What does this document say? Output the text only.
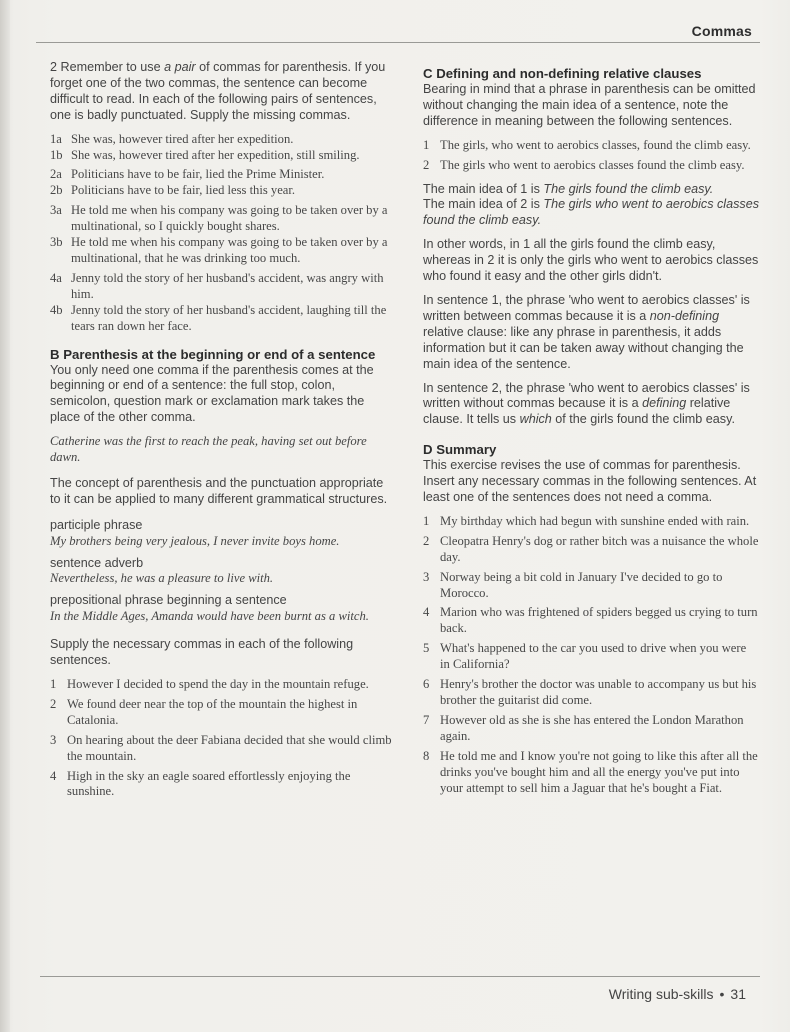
Commas

2 Remember to use a pair of commas for parenthesis. If you forget one of the two commas, the sentence can become difficult to read. In each of the following pairs of sentences, one is badly punctuated. Supply the missing commas.

1a She was, however tired after her expedition.
1b She was, however tired after her expedition, still smiling.
2a Politicians have to be fair, lied the Prime Minister.
2b Politicians have to be fair, lied less this year.
3a He told me when his company was going to be taken over by a multinational, so I quickly bought shares.
3b He told me when his company was going to be taken over by a multinational, that he was drinking too much.
4a Jenny told the story of her husband's accident, was angry with him.
4b Jenny told the story of her husband's accident, laughing till the tears ran down her face.

B Parenthesis at the beginning or end of a sentence

You only need one comma if the parenthesis comes at the beginning or end of a sentence: the full stop, colon, semicolon, question mark or exclamation mark takes the place of the other comma.

Catherine was the first to reach the peak, having set out before dawn.

The concept of parenthesis and the punctuation appropriate to it can be applied to many different grammatical structures.

participle phrase

My brothers being very jealous, I never invite boys home.

sentence adverb

Nevertheless, he was a pleasure to live with.

prepositional phrase beginning a sentence

In the Middle Ages, Amanda would have been burnt as a witch.

Supply the necessary commas in each of the following sentences.

1 However I decided to spend the day in the mountain refuge.
2 We found deer near the top of the mountain the highest in Catalonia.
3 On hearing about the deer Fabiana decided that she would climb the mountain.
4 High in the sky an eagle soared effortlessly enjoying the sunshine.

C Defining and non-defining relative clauses

Bearing in mind that a phrase in parenthesis can be omitted without changing the main idea of a sentence, note the difference in meaning between the following sentences.

1 The girls, who went to aerobics classes, found the climb easy.
2 The girls who went to aerobics classes found the climb easy.

The main idea of 1 is The girls found the climb easy.

The main idea of 2 is The girls who went to aerobics classes found the climb easy.

In other words, in 1 all the girls found the climb easy, whereas in 2 it is only the girls who went to aerobics classes who found it easy and the other girls didn't.

In sentence 1, the phrase 'who went to aerobics classes' is written between commas because it is a non-defining relative clause: like any phrase in parenthesis, it adds information but it can be taken away without changing the main idea of the sentence.

In sentence 2, the phrase 'who went to aerobics classes' is written without commas because it is a defining relative clause. It tells us which of the girls found the climb easy.

D Summary

This exercise revises the use of commas for parenthesis. Insert any necessary commas in the following sentences. At least one of the sentences does not need a comma.

1 My birthday which had begun with sunshine ended with rain.
2 Cleopatra Henry's dog or rather bitch was a nuisance the whole day.
3 Norway being a bit cold in January I've decided to go to Morocco.
4 Marion who was frightened of spiders begged us crying to turn back.
5 What's happened to the car you used to drive when you were in California?
6 Henry's brother the doctor was unable to accompany us but his brother the guitarist did come.
7 However old as she is she has entered the London Marathon again.
8 He told me and I know you're not going to like this after all the drinks you've bought him and all the energy you've put into your attempt to sell him a Jaguar that he's bought a Fiat.
Writing sub-skills • 31
